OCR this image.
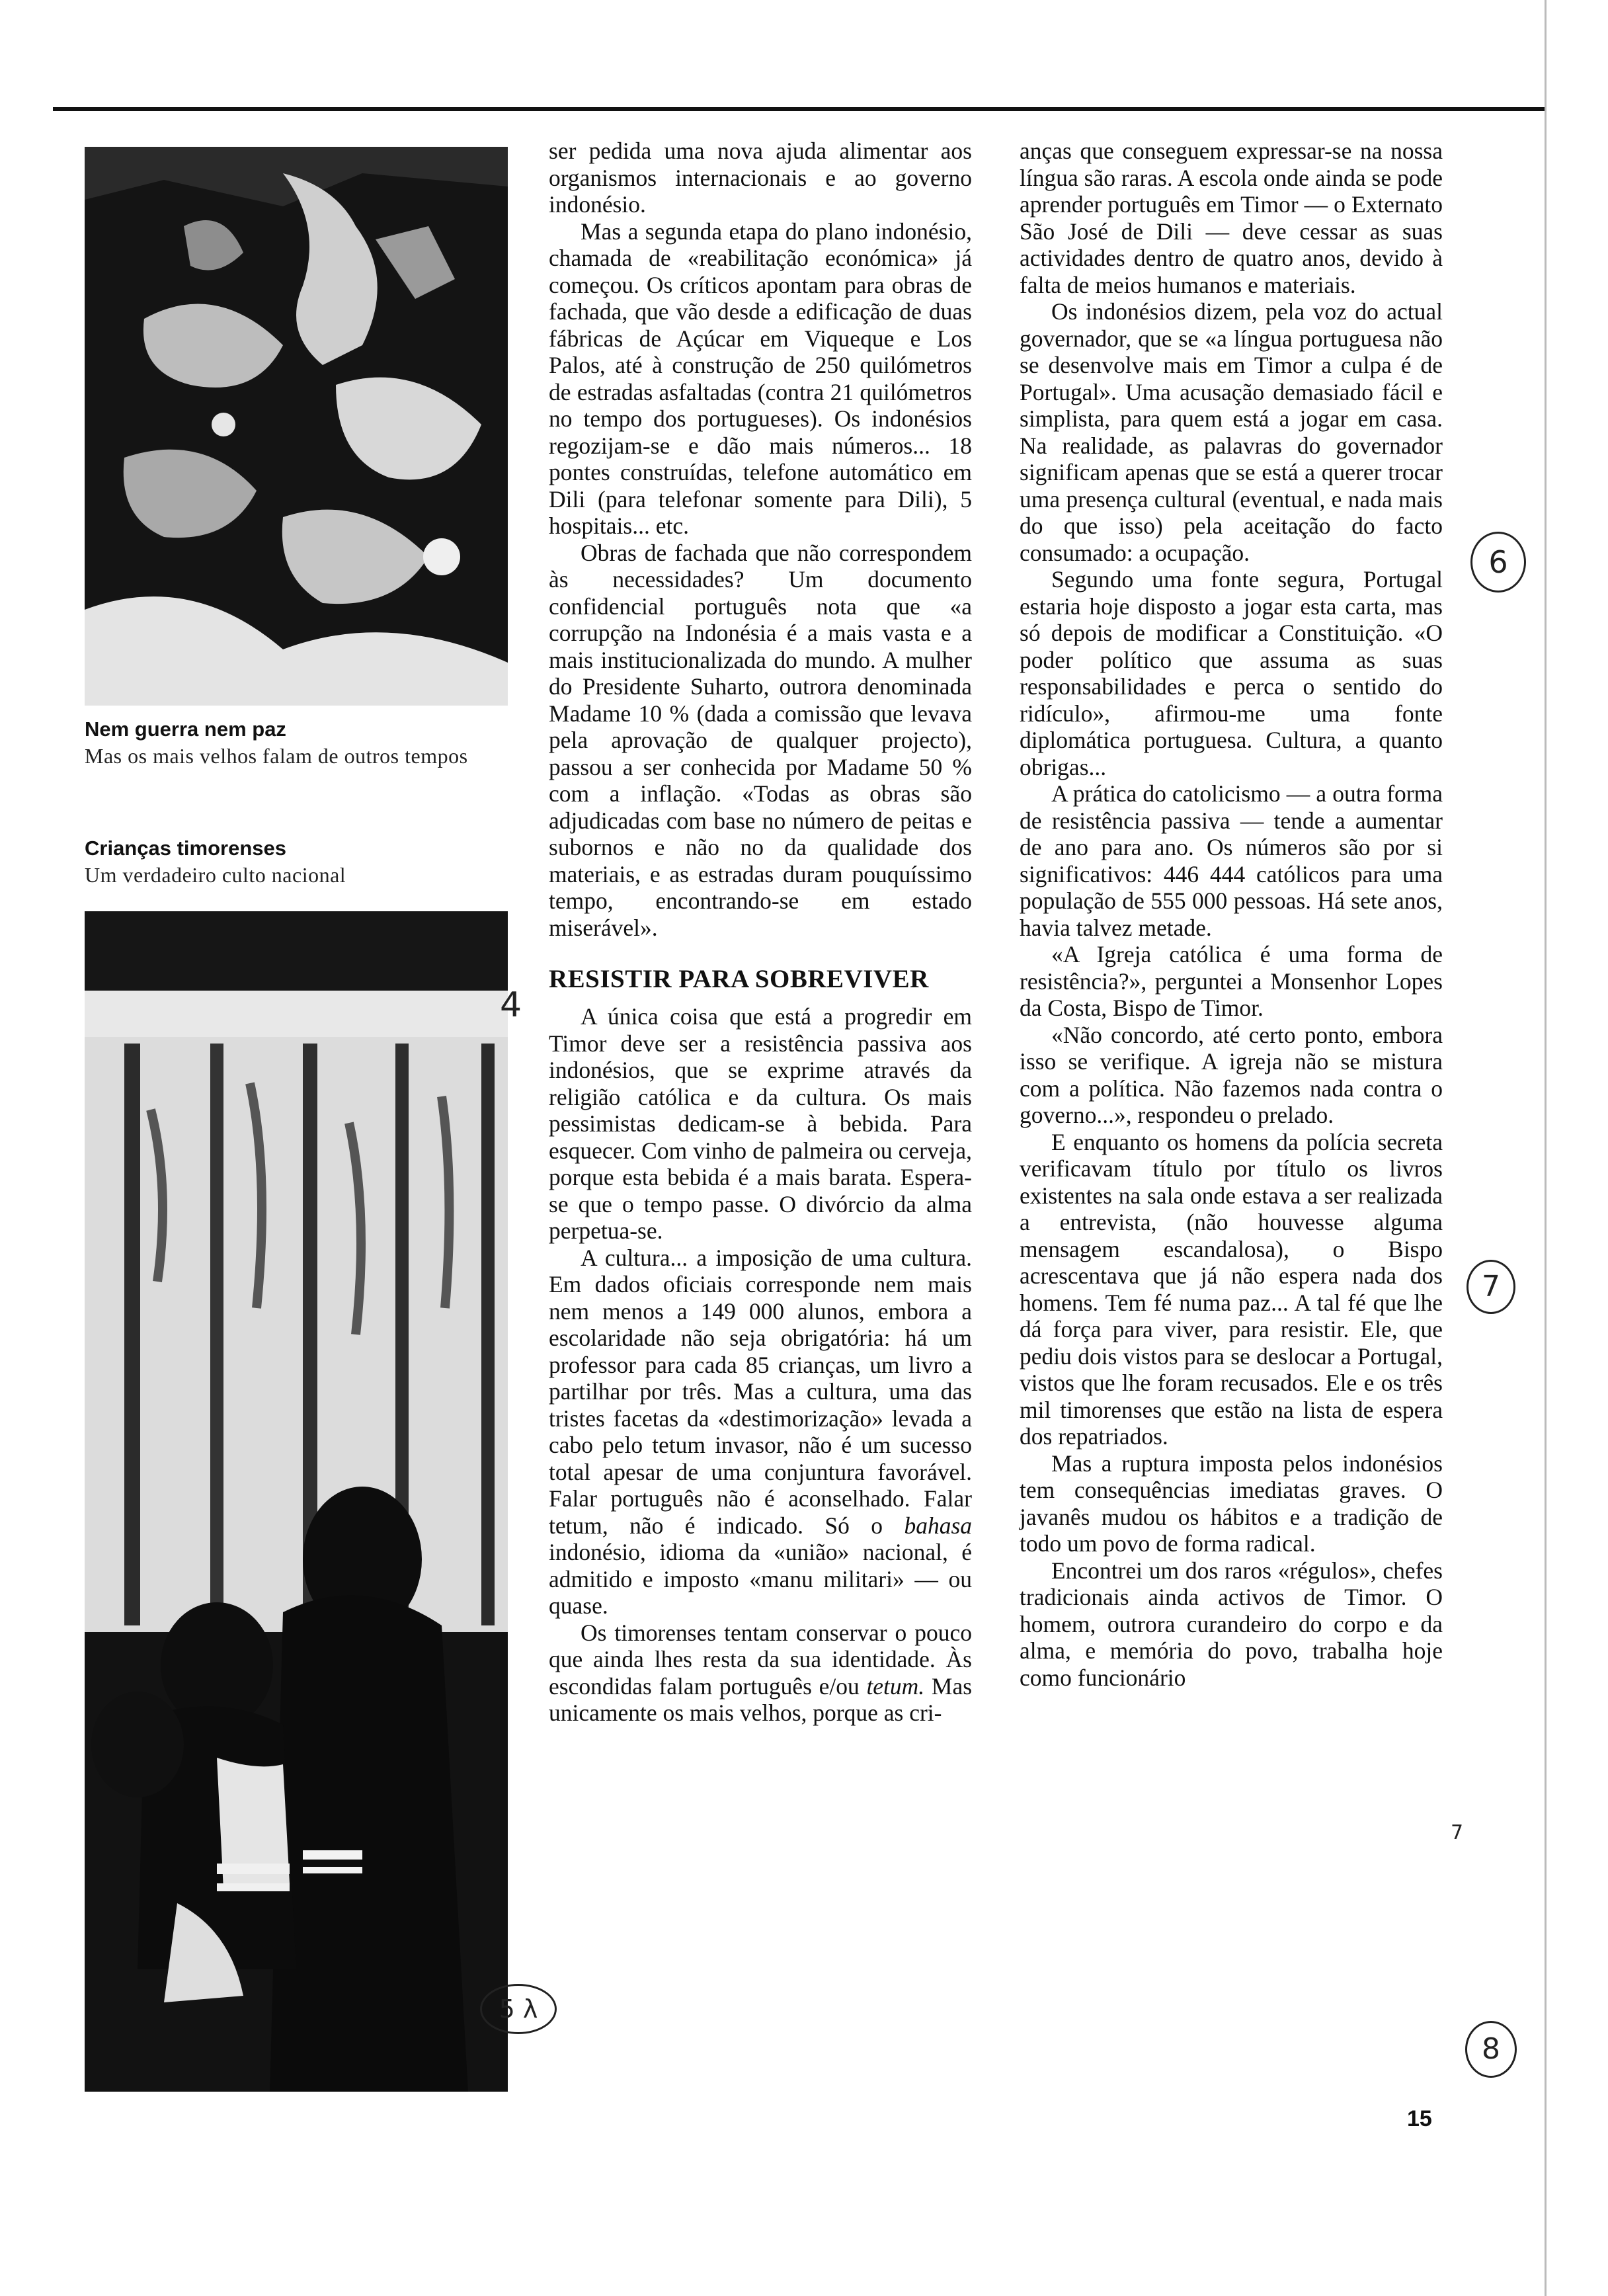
Nem guerra nem paz
Mas os mais velhos falam de outros tempos
Crianças timorenses
Um verdadeiro culto nacional

ser pedida uma nova ajuda alimentar aos organismos internacionais e ao governo indonésio.

Mas a segunda etapa do plano indonésio, chamada de «reabilitação económica» já começou. Os críticos apontam para obras de fachada, que vão desde a edificação de duas fábricas de Açúcar em Viqueque e Los Palos, até à construção de 250 quilómetros de estradas asfaltadas (contra 21 quilómetros no tempo dos portugueses). Os indonésios regozijam-se e dão mais números... 18 pontes construídas, telefone automático em Dili (para telefonar somente para Dili), 5 hospitais... etc.

Obras de fachada que não correspondem às necessidades? Um documento confidencial português nota que «a corrupção na Indonésia é a mais vasta e a mais institucionalizada do mundo. A mulher do Presidente Suharto, outrora denominada Madame 10 % (dada a comissão que levava pela aprovação de qualquer projecto), passou a ser conhecida por Madame 50 % com a inflação. «Todas as obras são adjudicadas com base no número de peitas e subornos e não no da qualidade dos materiais, e as estradas duram pouquíssimo tempo, encontrando-se em estado miserável».

RESISTIR PARA SOBREVIVER

A única coisa que está a progredir em Timor deve ser a resistência passiva aos indonésios, que se exprime através da religião católica e da cultura. Os mais pessimistas dedicam-se à bebida. Para esquecer. Com vinho de palmeira ou cerveja, porque esta bebida é a mais barata. Espera-se que o tempo passe. O divórcio da alma perpetua-se.

A cultura... a imposição de uma cultura. Em dados oficiais corresponde nem mais nem menos a 149 000 alunos, embora a escolaridade não seja obrigatória: há um professor para cada 85 crianças, um livro a partilhar por três. Mas a cultura, uma das tristes facetas da «destimorização» levada a cabo pelo tetum invasor, não é um sucesso total apesar de uma conjuntura favorável. Falar português não é aconselhado. Falar tetum, não é indicado. Só o bahasa indonésio, idioma da «união» nacional, é admitido e imposto «manu militari» — ou quase.

Os timorenses tentam conservar o pouco que ainda lhes resta da sua identidade. Às escondidas falam português e/ou tetum. Mas unicamente os mais velhos, porque as cri-

anças que conseguem expressar-se na nossa língua são raras. A escola onde ainda se pode aprender português em Timor — o Externato São José de Dili — deve cessar as suas actividades dentro de quatro anos, devido à falta de meios humanos e materiais.

Os indonésios dizem, pela voz do actual governador, que se «a língua portuguesa não se desenvolve mais em Timor a culpa é de Portugal». Uma acusação demasiado fácil e simplista, para quem está a jogar em casa. Na realidade, as palavras do governador significam apenas que se está a querer trocar uma presença cultural (eventual, e nada mais do que isso) pela aceitação do facto consumado: a ocupação.

Segundo uma fonte segura, Portugal estaria hoje disposto a jogar esta carta, mas só depois de modificar a Constituição. «O poder político que assuma as suas responsabilidades e perca o sentido do ridículo», afirmou-me uma fonte diplomática portuguesa. Cultura, a quanto obrigas...

A prática do catolicismo — a outra forma de resistência passiva — tende a aumentar de ano para ano. Os números são por si significativos: 446 444 católicos para uma população de 555 000 pessoas. Há sete anos, havia talvez metade.

«A Igreja católica é uma forma de resistência?», perguntei a Monsenhor Lopes da Costa, Bispo de Timor.

«Não concordo, até certo ponto, embora isso se verifique. A igreja não se mistura com a política. Não fazemos nada contra o governo...», respondeu o prelado.

E enquanto os homens da polícia secreta verificavam título por título os livros existentes na sala onde estava a ser realizada a entrevista, (não houvesse alguma mensagem escandalosa), o Bispo acrescentava que já não espera nada dos homens. Tem fé numa paz... A tal fé que lhe dá força para viver, para resistir. Ele, que pediu dois vistos para se deslocar a Portugal, vistos que lhe foram recusados. Ele e os três mil timorenses que estão na lista de espera dos repatriados.

Mas a ruptura imposta pelos indonésios tem consequências imediatas graves. O javanês mudou os hábitos e a tradição de todo um povo de forma radical.

Encontrei um dos raros «régulos», chefes tradicionais ainda activos de Timor. O homem, outrora curandeiro do corpo e da alma, e memória do povo, trabalha hoje como funcionário

6
7
8
5 λ
4
7
15
